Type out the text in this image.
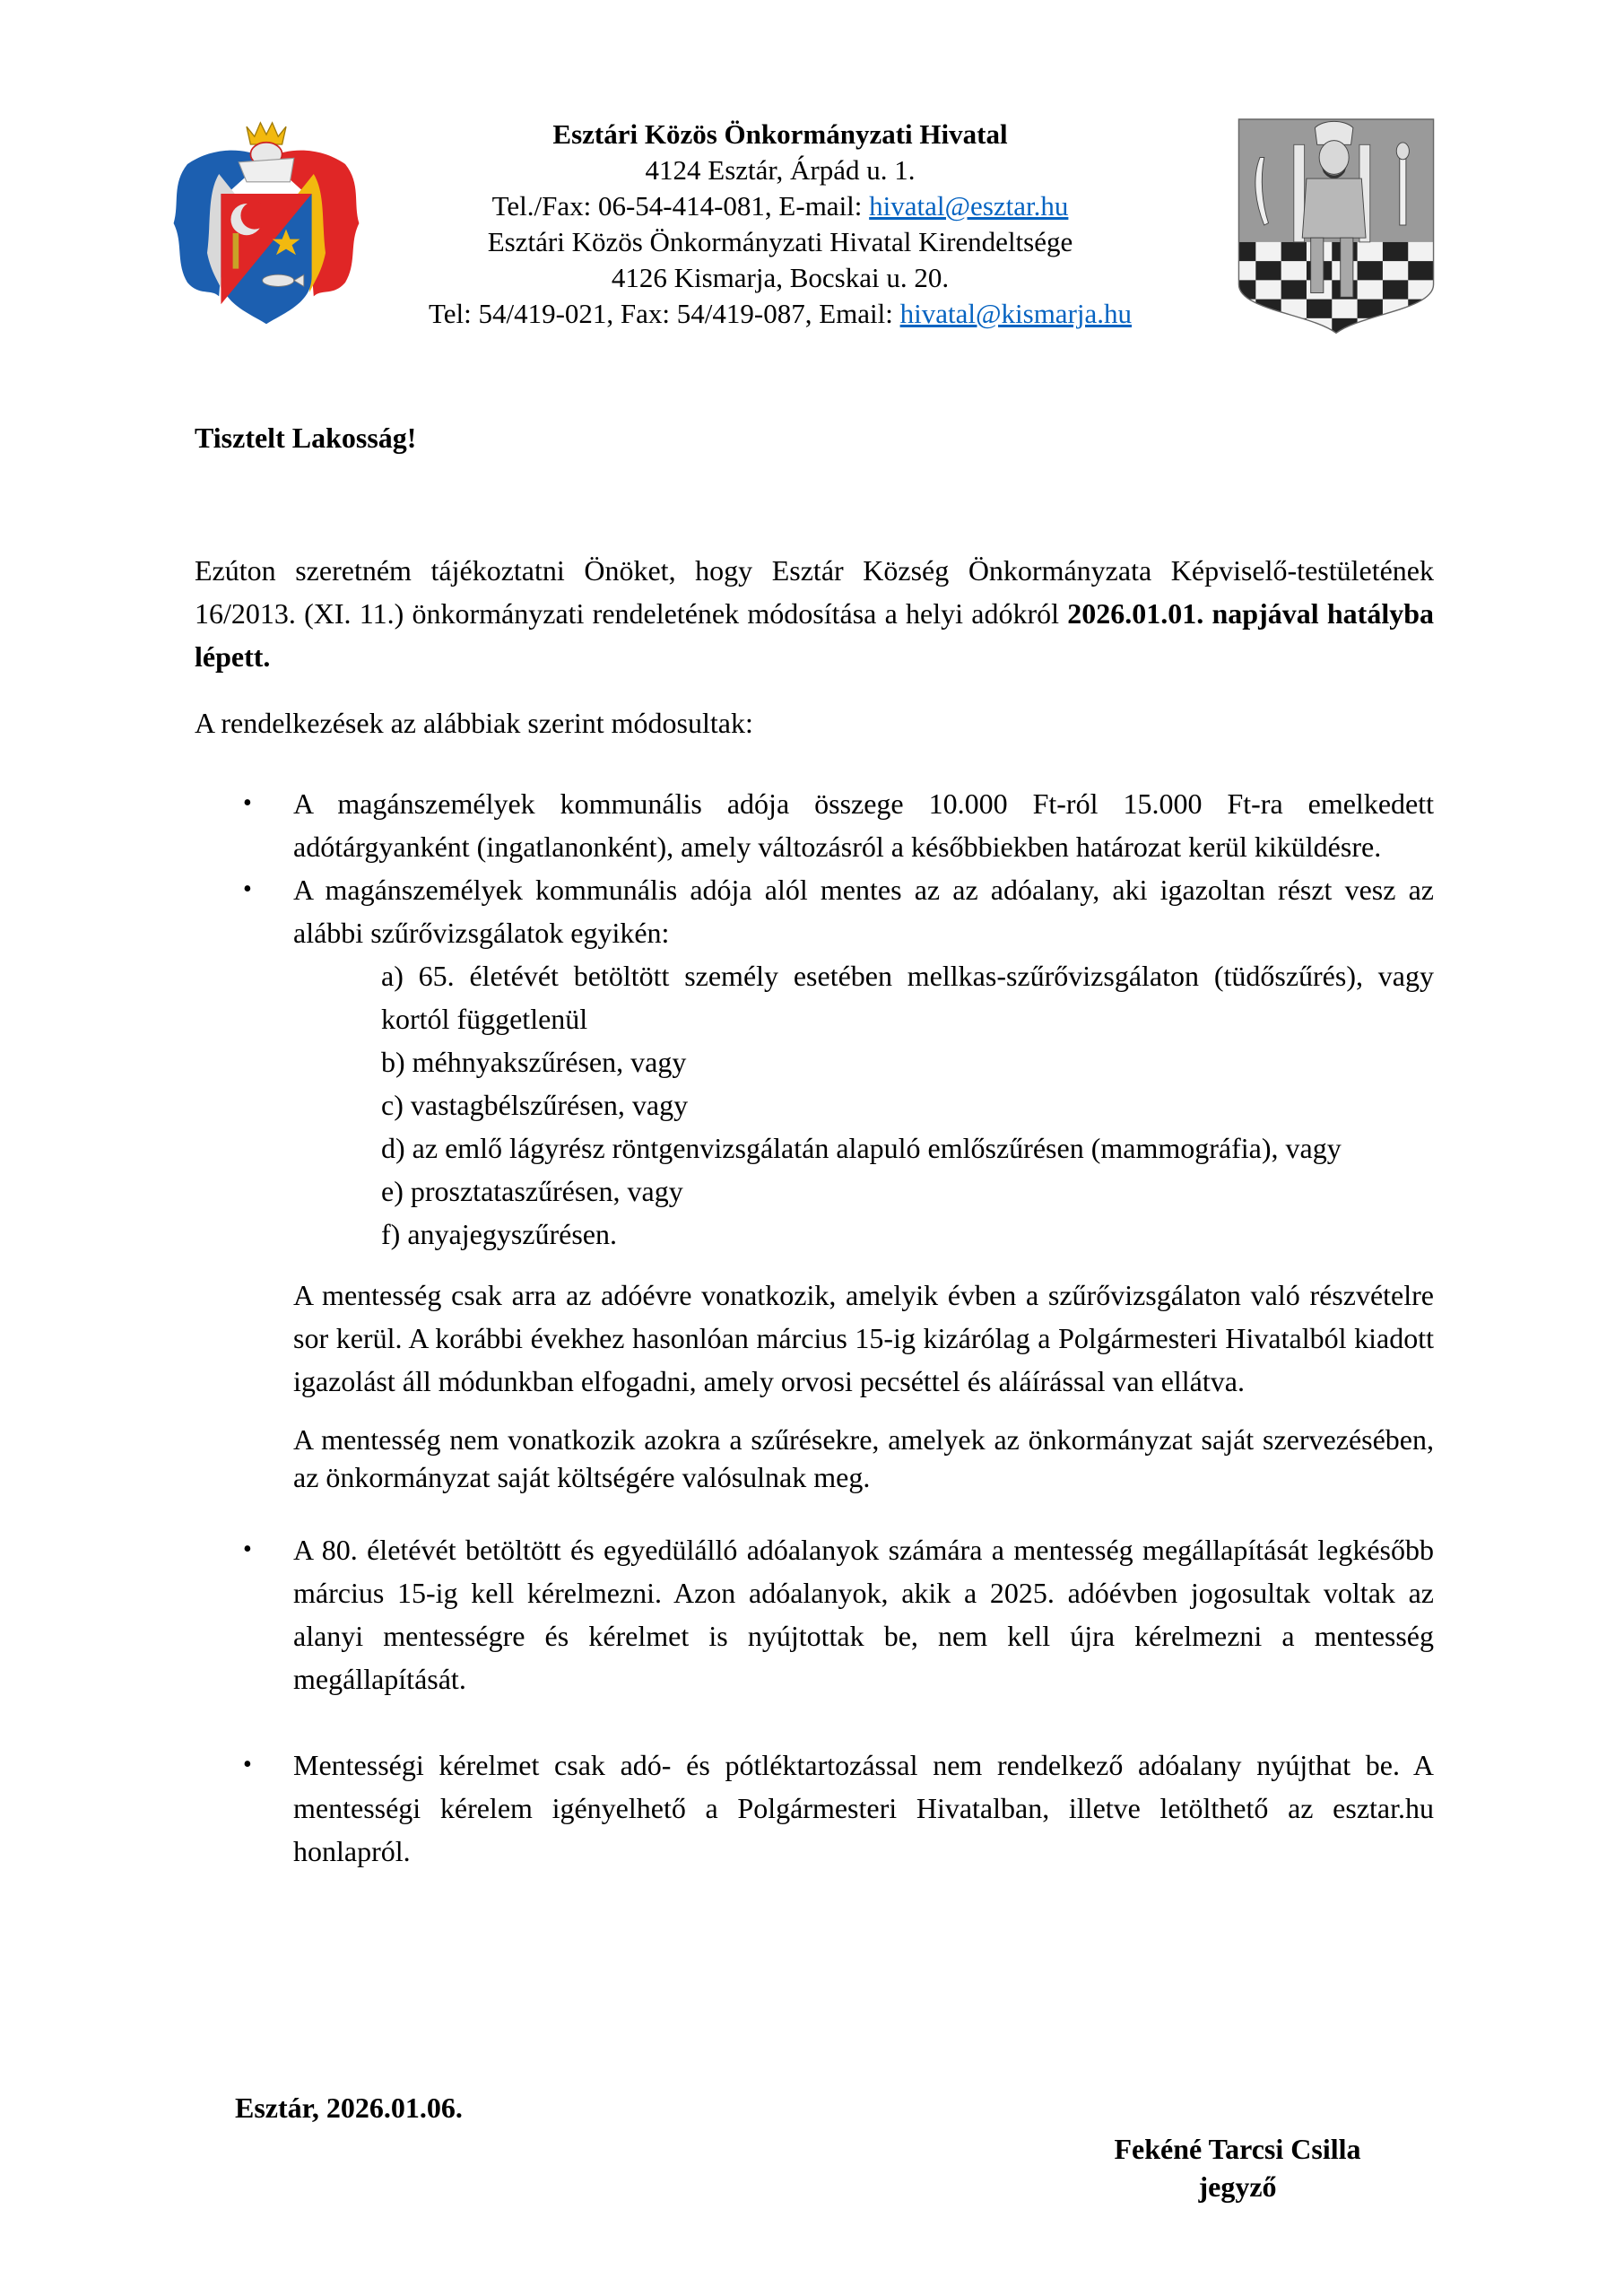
Esztári Közös Önkormányzati Hivatal
4124 Esztár, Árpád u. 1.
Tel./Fax: 06-54-414-081, E-mail: hivatal@esztar.hu
Esztári Közös Önkormányzati Hivatal Kirendeltsége
4126 Kismarja, Bocskai u. 20.
Tel: 54/419-021, Fax: 54/419-087, Email: hivatal@kismarja.hu
Tisztelt Lakosság!
Ezúton szeretném tájékoztatni Önöket, hogy Esztár Község Önkormányzata Képviselő-testületének 16/2013. (XI. 11.) önkormányzati rendeletének módosítása a helyi adókról 2026.01.01. napjával hatályba lépett.
A rendelkezések az alábbiak szerint módosultak:
• A magánszemélyek kommunális adója összege 10.000 Ft-ról 15.000 Ft-ra emelkedett adótárgyanként (ingatlanonként), amely változásról a későbbiekben határozat kerül kiküldésre.
• A magánszemélyek kommunális adója alól mentes az az adóalany, aki igazoltan részt vesz az alábbi szűrővizsgálatok egyikén:
a) 65. életévét betöltött személy esetében mellkas-szűrővizsgálaton (tüdőszűrés), vagy kortól függetlenül
b) méhnyakszűrésen, vagy
c) vastagbélszűrésen, vagy
d) az emlő lágyrész röntgenvizsgálatán alapuló emlőszűrésen (mammográfia), vagy
e) prosztataszűrésen, vagy
f) anyajegyszűrésen.
A mentesség csak arra az adóévre vonatkozik, amelyik évben a szűrővizsgálaton való részvételre sor kerül. A korábbi évekhez hasonlóan március 15-ig kizárólag a Polgármesteri Hivatalból kiadott igazolást áll módunkban elfogadni, amely orvosi pecséttel és aláírással van ellátva.
A mentesség nem vonatkozik azokra a szűrésekre, amelyek az önkormányzat saját szervezésében, az önkormányzat saját költségére valósulnak meg.
• A 80. életévét betöltött és egyedülálló adóalanyok számára a mentesség megállapítását legkésőbb március 15-ig kell kérelmezni. Azon adóalanyok, akik a 2025. adóévben jogosultak voltak az alanyi mentességre és kérelmet is nyújtottak be, nem kell újra kérelmezni a mentesség megállapítását.
• Mentességi kérelmet csak adó- és pótléktartozással nem rendelkező adóalany nyújthat be. A mentességi kérelem igényelhető a Polgármesteri Hivatalban, illetve letölthető az esztar.hu honlapról.
Esztár, 2026.01.06.
Fekéné Tarcsi Csilla
jegyző
